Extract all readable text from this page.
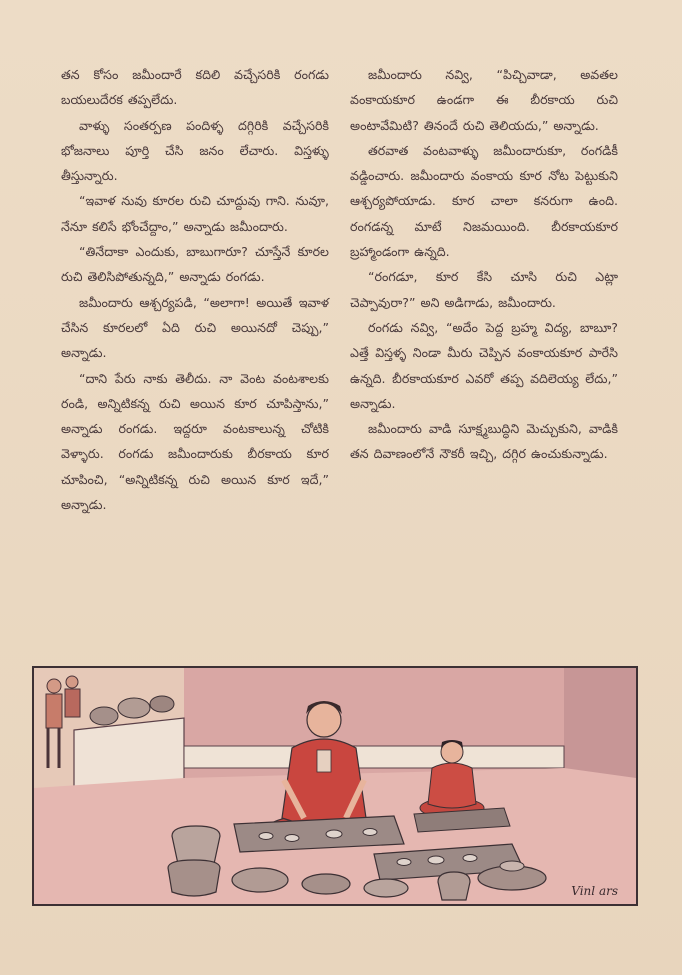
తన కోసం జమీందారే కదిలి వచ్చేసరికి రంగడు బయలుదేరక తప్పలేదు.

వాళ్ళు సంతర్పణ పందిళ్ళ దగ్గిరికి వచ్చేసరికి భోజనాలు పూర్తి చేసి జనం లేచారు. విస్తళ్ళు తీస్తున్నారు.

“ఇవాళ నువు కూరల రుచి చూద్దువు గాని. నువూ, నేనూ కలిసే భోంచేద్దాం,” అన్నాడు జమీందారు.

“తినేదాకా ఎందుకు, బాబుగారూ? చూస్తేనే కూరల రుచి తెలిసిపోతున్నది,” అన్నాడు రంగడు.

జమీందారు ఆశ్చర్యపడి, “అలాగా! అయితే ఇవాళ చేసిన కూరలలో ఏది రుచి అయినదో చెప్పు,” అన్నాడు.

“దాని పేరు నాకు తెలీదు. నా వెంట వంటశాలకు రండి, అన్నిటికన్న రుచి అయిన కూర చూపిస్తాను,” అన్నాడు రంగడు. ఇద్దరూ వంటకాలున్న చోటికి వెళ్ళారు. రంగడు జమీందారుకు బీరకాయ కూర చూపించి, “అన్నిటికన్న రుచి అయిన కూర ఇదే,” అన్నాడు.

జమీందారు నవ్వి, “పిచ్చివాడా, అవతల వంకాయకూర ఉండగా ఈ బీరకాయ రుచి అంటావేమిటి? తినందే రుచి తెలియదు,” అన్నాడు.

తరవాత వంటవాళ్ళు జమీందారుకూ, రంగడికీ వడ్డించారు. జమీందారు వంకాయ కూర నోట పెట్టుకుని ఆశ్చర్యపోయాడు. కూర చాలా కనరుగా ఉంది. రంగడన్న మాటే నిజమయింది. బీరకాయకూర బ్రహ్మాండంగా ఉన్నది.

“రంగడూ, కూర కేసి చూసి రుచి ఎట్లా చెప్పావురా?” అని అడిగాడు, జమీందారు.

రంగడు నవ్వి, “అదేం పెద్ద బ్రహ్మ విద్య, బాబూ? ఎత్తే విస్తళ్ళ నిండా మీరు చెప్పిన వంకాయకూర పారేసి ఉన్నది. బీరకాయకూర ఎవరో తప్ప వదిలెయ్య లేదు,” అన్నాడు.

జమీందారు వాడి సూక్ష్మబుద్ధిని మెచ్చుకుని, వాడికి తన దివాణంలోనే నౌకరీ ఇచ్చి, దగ్గిర ఉంచుకున్నాడు.

Vinl ars
